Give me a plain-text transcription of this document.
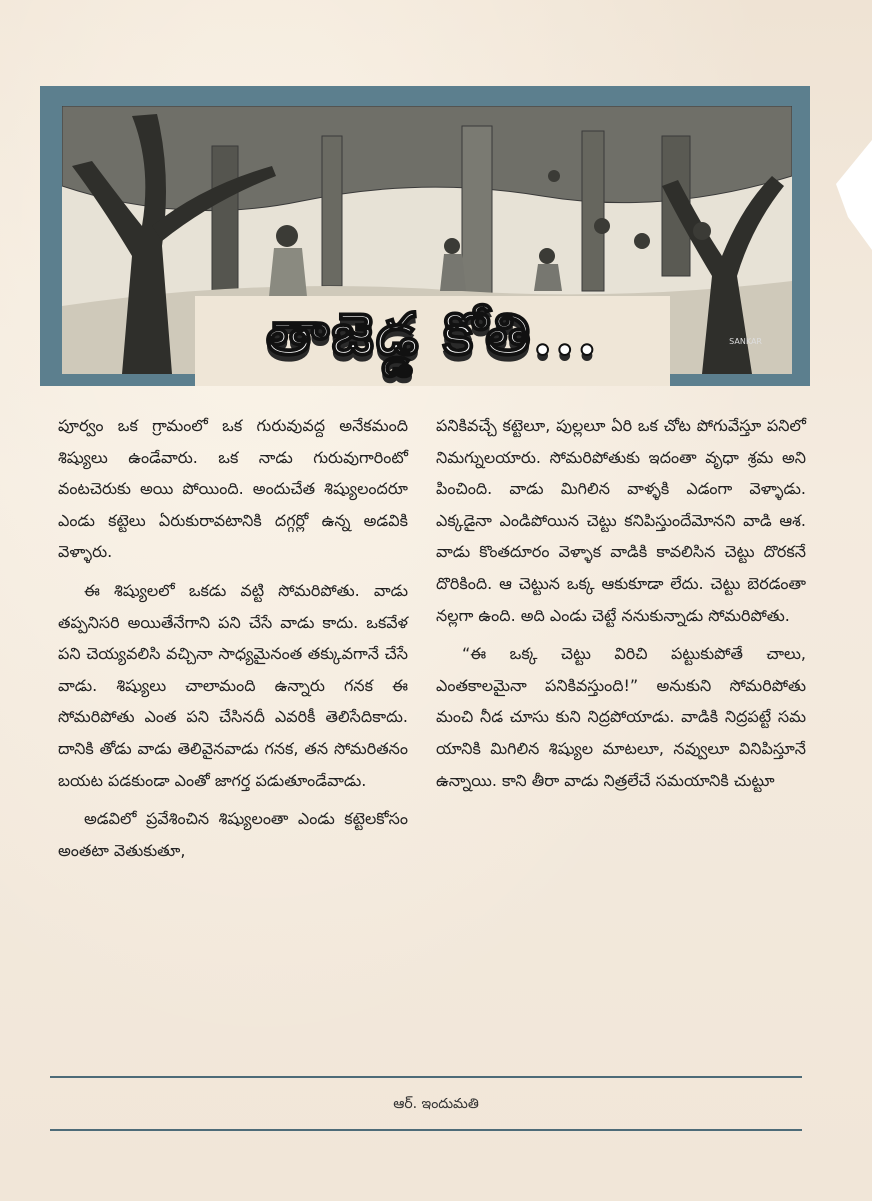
SANKAR
తాజెడ్డ కోతి...

పూర్వం ఒక గ్రామంలో ఒక గురువువద్ద అనేకమంది శిష్యులు ఉండేవారు. ఒక నాడు గురువుగారింటో వంటచెరుకు అయి పోయింది. అందుచేత శిష్యులందరూ ఎండు కట్టెలు ఏరుకురావటానికి దగ్గర్లో ఉన్న అడవికి వెళ్ళారు.

ఈ శిష్యులలో ఒకడు వట్టి సోమరిపోతు. వాడు తప్పనిసరి అయితేనేగాని పని చేసే వాడు కాదు. ఒకవేళ పని చెయ్యవలిసి వచ్చినా సాధ్యమైనంత తక్కువగానే చేసే వాడు. శిష్యులు చాలామంది ఉన్నారు గనక ఈ సోమరిపోతు ఎంత పని చేసినదీ ఎవరికీ తెలిసేదికాదు. దానికి తోడు వాడు తెలివైనవాడు గనక, తన సోమరితనం బయట పడకుండా ఎంతో జాగర్త పడుతూండేవాడు.

అడవిలో ప్రవేశించిన శిష్యులంతా ఎండు కట్టెలకోసం అంతటా వెతుకుతూ,

పనికివచ్చే కట్టెలూ, పుల్లలూ ఏరి ఒక చోట పోగువేస్తూ పనిలో నిమగ్నులయారు. సోమరిపోతుకు ఇదంతా వృధా శ్రమ అని పించింది. వాడు మిగిలిన వాళ్ళకి ఎడంగా వెళ్ళాడు. ఎక్కడైనా ఎండిపోయిన చెట్టు కనిపిస్తుందేమోనని వాడి ఆశ. వాడు కొంతదూరం వెళ్ళాక వాడికి కావలిసిన చెట్టు దొరకనే దొరికింది. ఆ చెట్టున ఒక్క ఆకుకూడా లేదు. చెట్టు బెరడంతా నల్లగా ఉంది. అది ఎండు చెట్టే ననుకున్నాడు సోమరిపోతు.

“ఈ ఒక్క చెట్టు విరిచి పట్టుకుపోతే చాలు, ఎంతకాలమైనా పనికివస్తుంది!” అనుకుని సోమరిపోతు మంచి నీడ చూసు కుని నిద్రపోయాడు. వాడికి నిద్రపట్టే సమ యానికి మిగిలిన శిష్యుల మాటలూ, నవ్వులూ వినిపిస్తూనే ఉన్నాయి. కాని తీరా వాడు నిత్రలేచే సమయానికి చుట్టూ

ఆర్. ఇందుమతి
